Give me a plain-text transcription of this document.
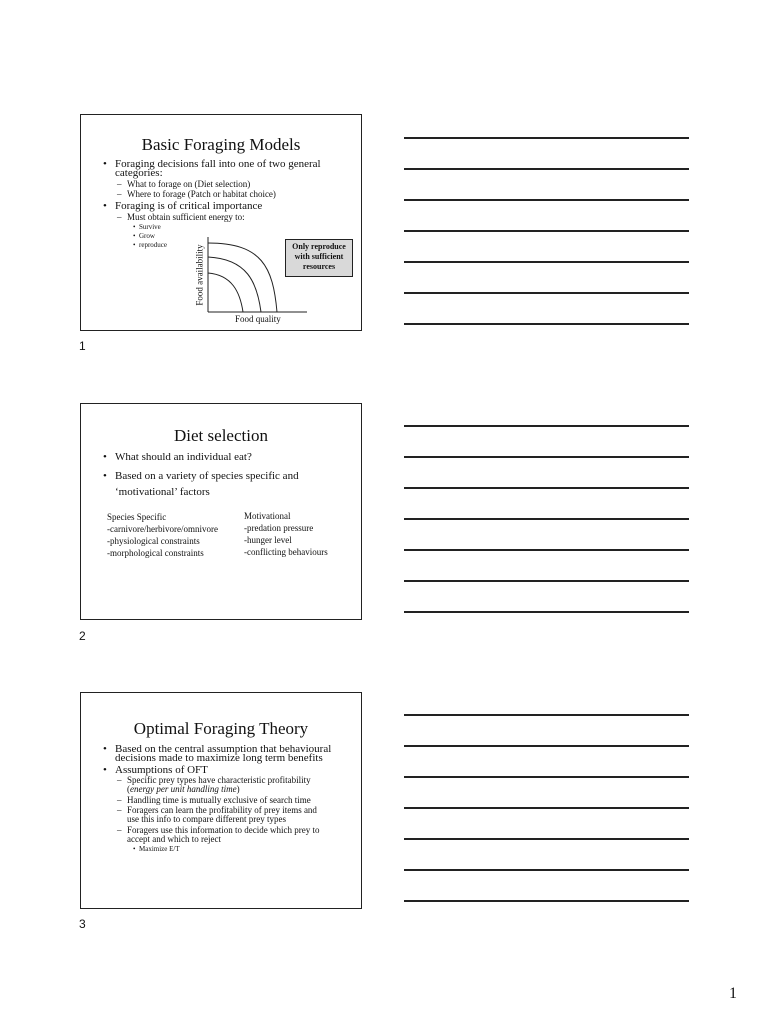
Basic Foraging Models
• Foraging decisions fall into one of two general
categories:
– What to forage on (Diet selection)
– Where to forage (Patch or habitat choice)
• Foraging is of critical importance
– Must obtain sufficient energy to:
• Survive
• Grow
• reproduce	Food availability
Food quality
Only reproduce
with sufficient
resources
1
Diet selection
• What should an individual eat?
• Based on a variety of species specific and
‘motivational’ factors
Species Specific
-carnivore/herbivore/omnivore
-physiological constraints
-morphological constraints
Motivational
-predation pressure
-hunger level
-conflicting behaviours
2
Optimal Foraging Theory
• Based on the central assumption that behavioural
decisions made to maximize long term benefits
• Assumptions of OFT
– Specific prey types have characteristic profitability
(energy per unit handling time)
– Handling time is mutually exclusive of search time
– Foragers can learn the profitability of prey items and
use this info to compare different prey types
– Foragers use this information to decide which prey to
accept and which to reject
• Maximize E/T
3
1
